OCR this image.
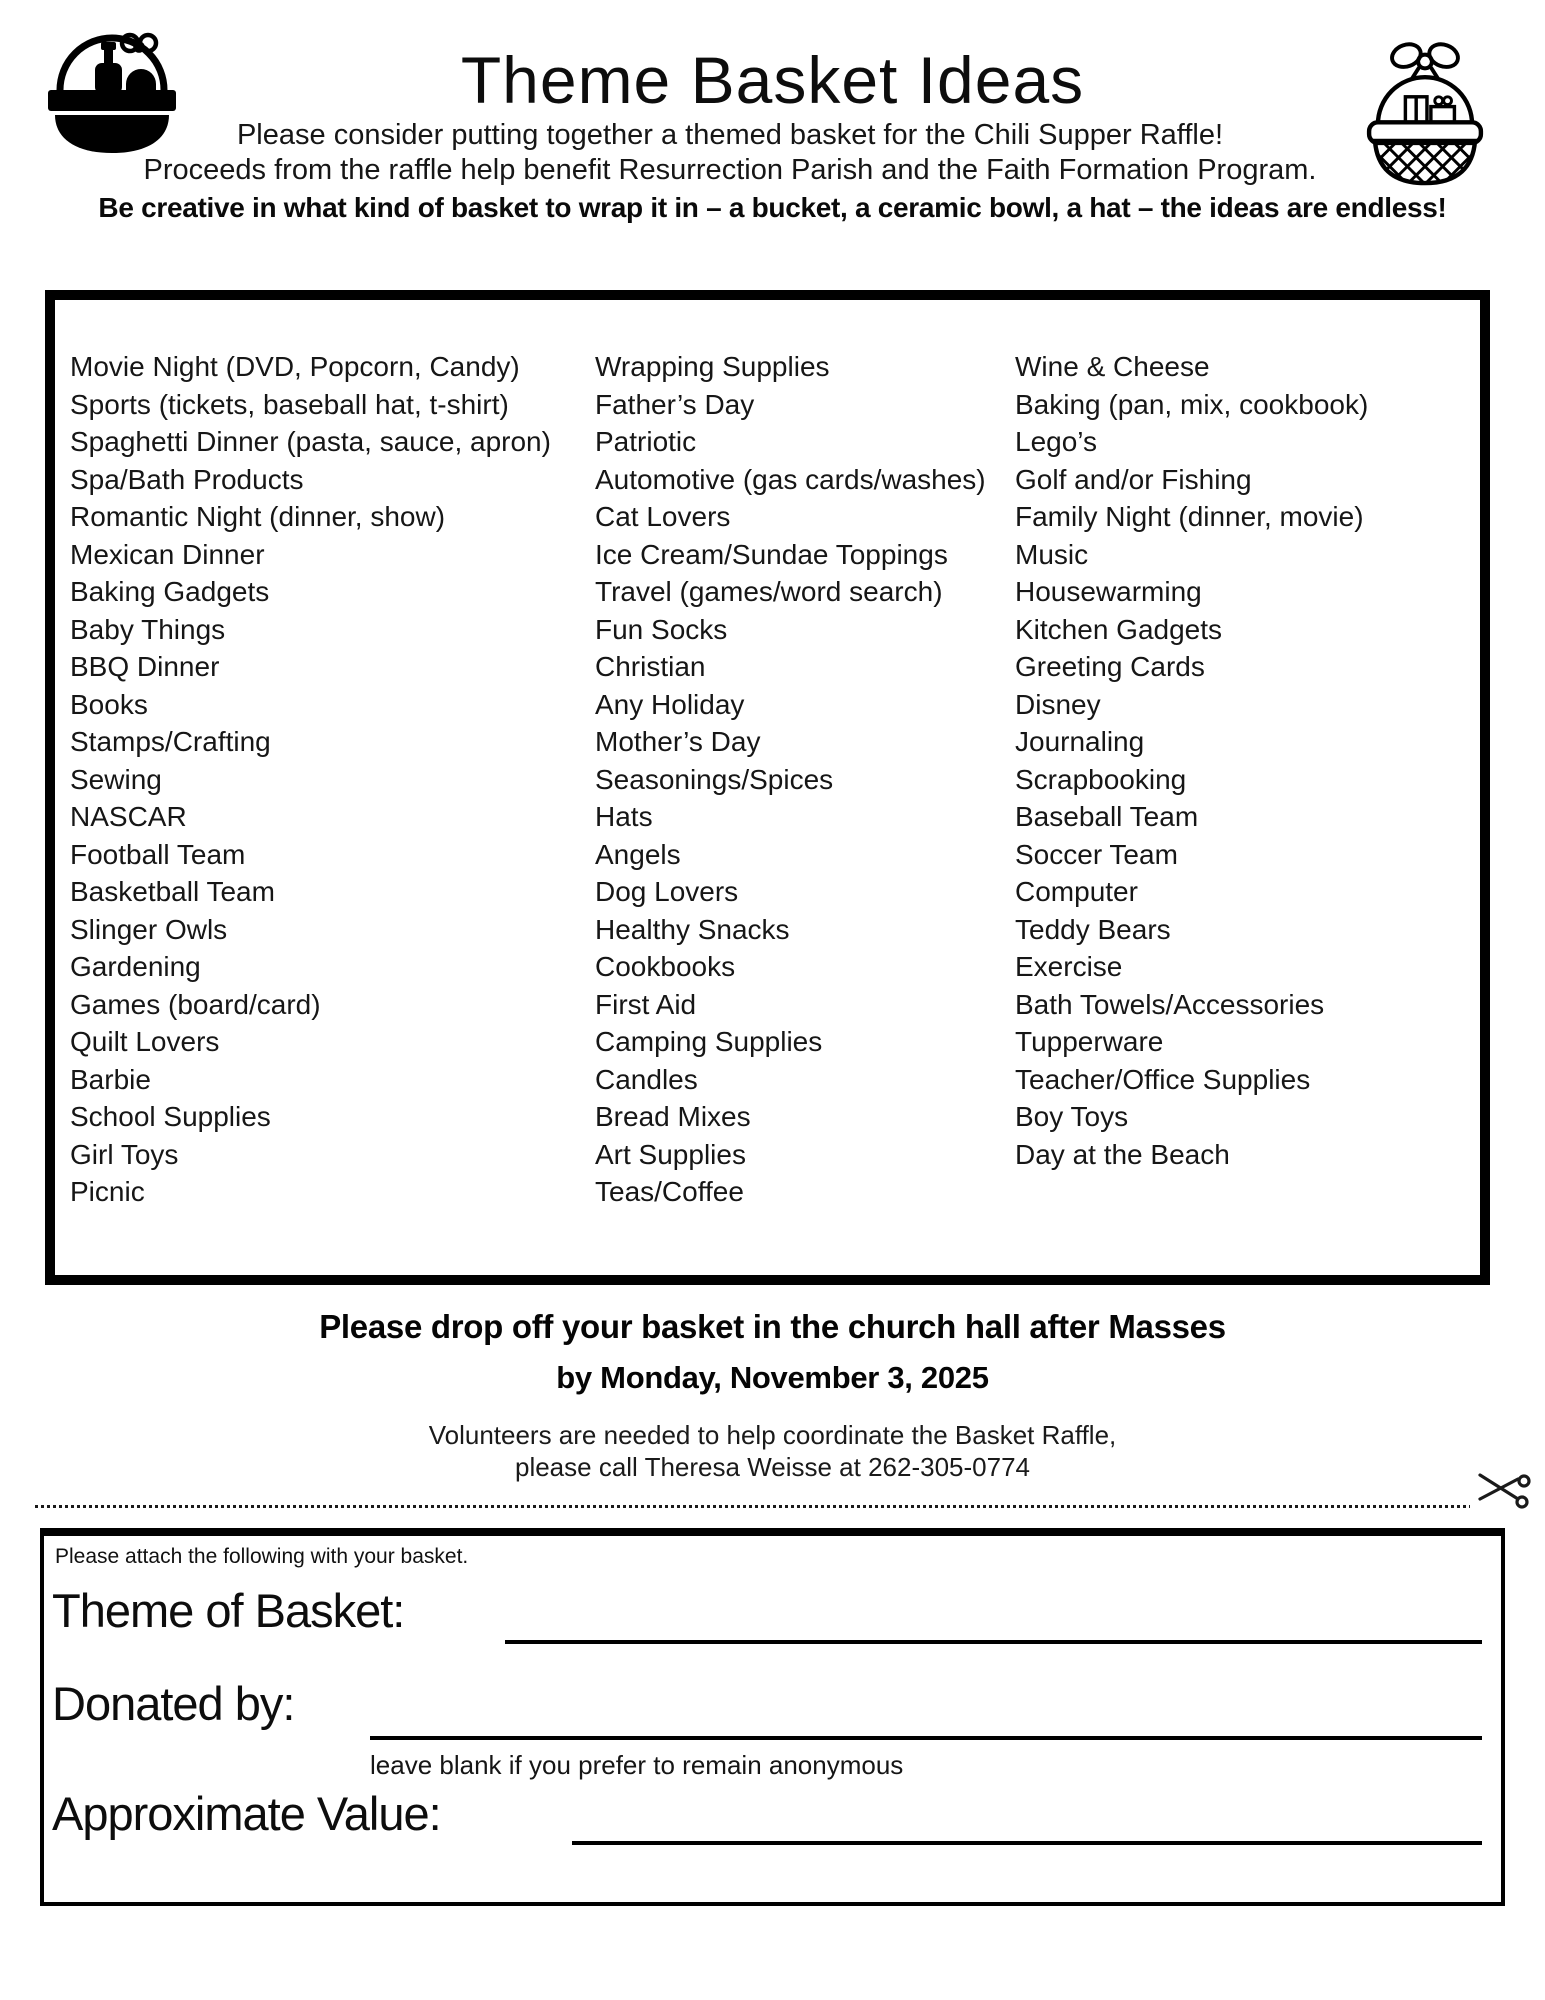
Theme Basket Ideas
Please consider putting together a themed basket for the Chili Supper Raffle!
Proceeds from the raffle help benefit Resurrection Parish and the Faith Formation Program.
Be creative in what kind of basket to wrap it in – a bucket, a ceramic bowl, a hat – the ideas are endless!
Movie Night (DVD, Popcorn, Candy)
Sports (tickets, baseball hat, t-shirt)
Spaghetti Dinner (pasta, sauce, apron)
Spa/Bath Products
Romantic Night (dinner, show)
Mexican Dinner
Baking Gadgets
Baby Things
BBQ Dinner
Books
Stamps/Crafting
Sewing
NASCAR
Football Team
Basketball Team
Slinger Owls
Gardening
Games (board/card)
Quilt Lovers
Barbie
School Supplies
Girl Toys
Picnic
Wrapping Supplies
Father’s Day
Patriotic
Automotive (gas cards/washes)
Cat Lovers
Ice Cream/Sundae Toppings
Travel (games/word search)
Fun Socks
Christian
Any Holiday
Mother’s Day
Seasonings/Spices
Hats
Angels
Dog Lovers
Healthy Snacks
Cookbooks
First Aid
Camping Supplies
Candles
Bread Mixes
Art Supplies
Teas/Coffee
Wine & Cheese
Baking (pan, mix, cookbook)
Lego’s
Golf and/or Fishing
Family Night (dinner, movie)
Music
Housewarming
Kitchen Gadgets
Greeting Cards
Disney
Journaling
Scrapbooking
Baseball Team
Soccer Team
Computer
Teddy Bears
Exercise
Bath Towels/Accessories
Tupperware
Teacher/Office Supplies
Boy Toys
Day at the Beach
Please drop off your basket in the church hall after Masses
by Monday, November 3, 2025
Volunteers are needed to help coordinate the Basket Raffle,
please call Theresa Weisse at 262-305-0774
Please attach the following with your basket.
Theme of Basket:
Donated by:
leave blank if you prefer to remain anonymous
Approximate Value:
